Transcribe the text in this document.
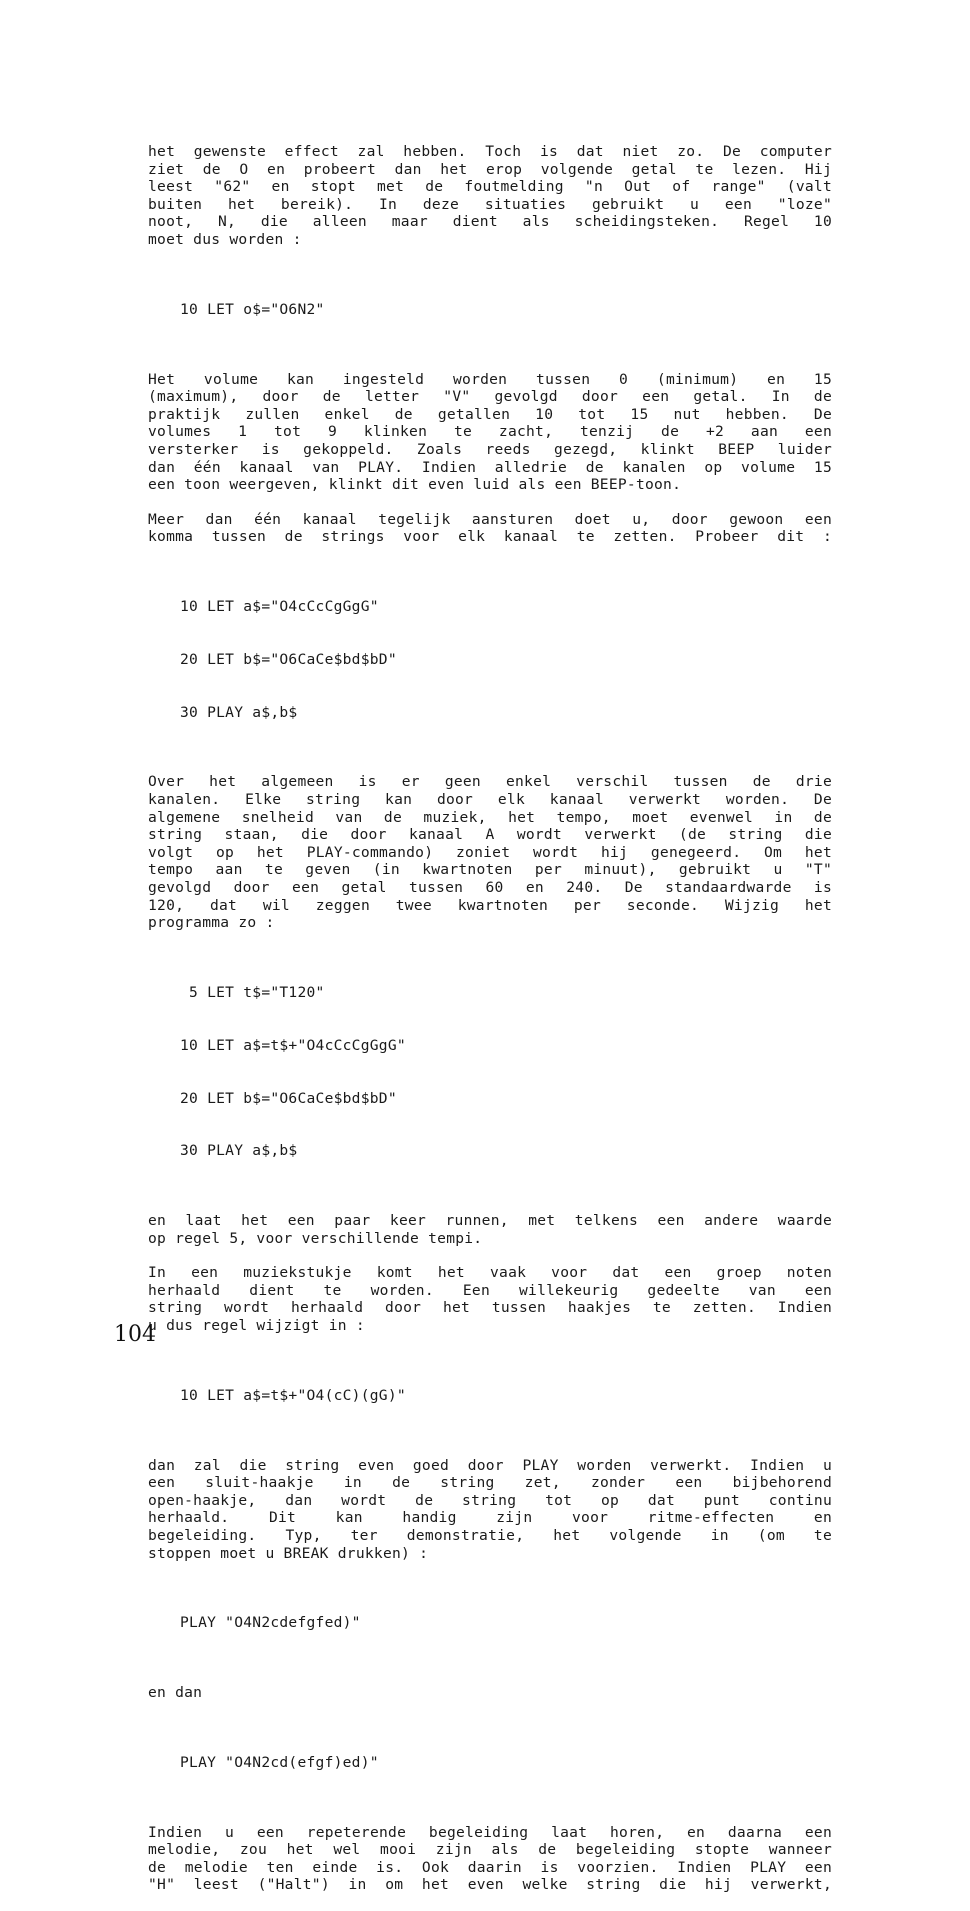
het gewenste effect zal hebben. Toch is dat niet zo. De computer
ziet de O en probeert dan het erop volgende getal te lezen. Hij
leest "62" en stopt met de foutmelding "n Out of range" (valt
buiten het bereik). In deze situaties gebruikt u een "loze"
noot, N, die alleen maar dient als scheidingsteken. Regel 10
moet dus worden :

10 LET o$="O6N2"

Het volume kan ingesteld worden tussen 0 (minimum) en 15
(maximum), door de letter "V" gevolgd door een getal. In de
praktijk zullen enkel de getallen 10 tot 15 nut hebben. De
volumes 1 tot 9 klinken te zacht, tenzij de +2 aan een
versterker is gekoppeld. Zoals reeds gezegd, klinkt BEEP luider
dan één kanaal van PLAY. Indien alledrie de kanalen op volume 15
een toon weergeven, klinkt dit even luid als een BEEP-toon.
Meer dan één kanaal tegelijk aansturen doet u, door gewoon een
komma tussen de strings voor elk kanaal te zetten. Probeer dit :

10 LET a$="O4cCcCgGgG"

20 LET b$="O6CaCe$bd$bD"

30 PLAY a$,b$

Over het algemeen is er geen enkel verschil tussen de drie
kanalen. Elke string kan door elk kanaal verwerkt worden. De
algemene snelheid van de muziek, het tempo, moet evenwel in de
string staan, die door kanaal A wordt verwerkt (de string die
volgt op het PLAY-commando) zoniet wordt hij genegeerd. Om het
tempo aan te geven (in kwartnoten per minuut), gebruikt u "T"
gevolgd door een getal tussen 60 en 240. De standaardwarde is
120, dat wil zeggen twee kwartnoten per seconde. Wijzig het
programma zo :

5 LET t$="T120"

10 LET a$=t$+"O4cCcCgGgG"

20 LET b$="O6CaCe$bd$bD"

30 PLAY a$,b$

en laat het een paar keer runnen, met telkens een andere waarde
op regel 5, voor verschillende tempi.
In een muziekstukje komt het vaak voor dat een groep noten
herhaald dient te worden. Een willekeurig gedeelte van een
string wordt herhaald door het tussen haakjes te zetten. Indien
u dus regel wijzigt in :

10 LET a$=t$+"O4(cC)(gG)"

dan zal die string even goed door PLAY worden verwerkt. Indien u
een sluit-haakje in de string zet, zonder een bijbehorend
open-haakje, dan wordt de string tot op dat punt continu
herhaald. Dit kan handig zijn voor ritme-effecten en
begeleiding. Typ, ter demonstratie, het volgende in (om te
stoppen moet u BREAK drukken) :

PLAY "O4N2cdefgfed)"

en dan

PLAY "O4N2cd(efgf)ed)"

Indien u een repeterende begeleiding laat horen, en daarna een
melodie, zou het wel mooi zijn als de begeleiding stopte wanneer
de melodie ten einde is. Ook daarin is voorzien. Indien PLAY een
"H" leest ("Halt") in om het even welke string die hij verwerkt,
104
